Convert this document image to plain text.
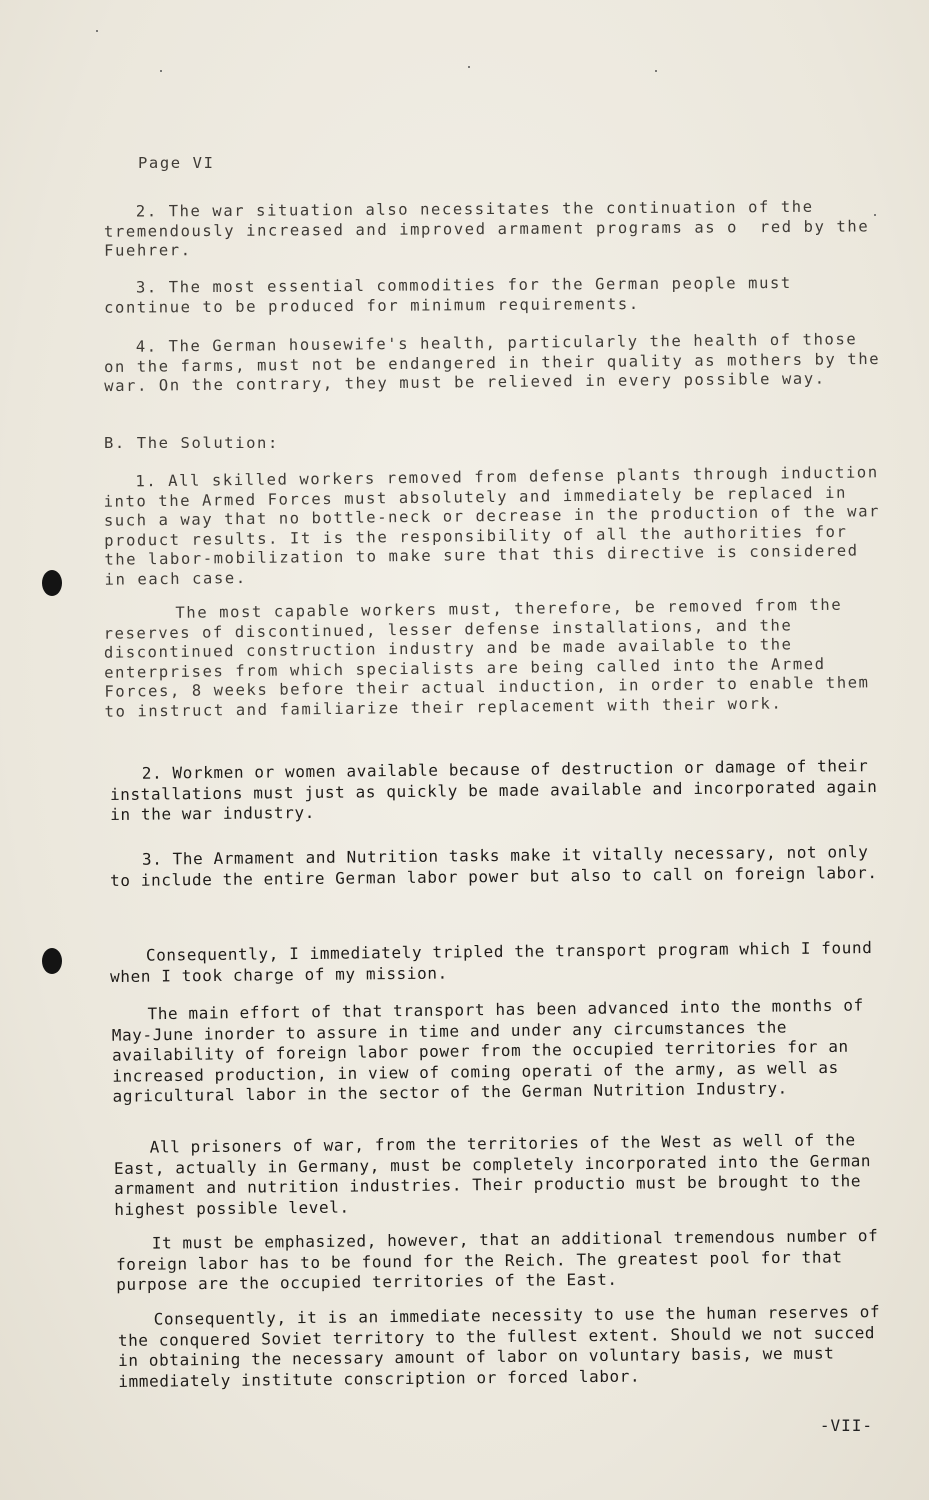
Page VI

2. The war situation also necessitates the continuation of the tremendously increased and improved armament programs as o  red by the Fuehrer.

3. The most essential commodities for the German people must continue to be produced for minimum requirements.

4. The German housewife's health, particularly the health of those on the farms, must not be endangered in their quality as mothers by the war. On the contrary, they must be relieved in every possible way.

B. The Solution:

1. All skilled workers removed from defense plants through induction into the Armed Forces must absolutely and immediately be replaced in such a way that no bottle-neck or decrease in the production of the war product results. It is the responsibility of all the authorities for the labor-mobilization to make sure that this directive is considered in each case.

The most capable workers must, therefore, be removed from the reserves of discontinued, lesser defense installations, and the discontinued construction industry and be made available to the enterprises from which specialists are being called into the Armed Forces, 8 weeks before their actual induction, in order to enable them to instruct and familiarize their replacement with their work.

2. Workmen or women available because of destruction or damage of their installations must just as quickly be made available and incorporated again in the war industry.

3. The Armament and Nutrition tasks make it vitally necessary, not only to include the entire German labor power but also to call on foreign labor.

Consequently, I immediately tripled the transport program which I found when I took charge of my mission.

The main effort of that transport has been advanced into the months of May-June inorder to assure in time and under any circumstances the availability of foreign labor power from the occupied territories for an increased production, in view of coming operati of the army, as well as agricultural labor in the sector of the German Nutrition Industry.

All prisoners of war, from the territories of the West as well of the East, actually in Germany, must be completely incorporated into the German armament and nutrition industries. Their productio must be brought to the highest possible level.

It must be emphasized, however, that an additional tremendous number of foreign labor has to be found for the Reich. The greatest pool for that purpose are the occupied territories of the East.

Consequently, it is an immediate necessity to use the human reserves of the conquered Soviet territory to the fullest extent. Should we not succed in obtaining the necessary amount of labor on voluntary basis, we must immediately institute conscription or forced labor.

-VII-
